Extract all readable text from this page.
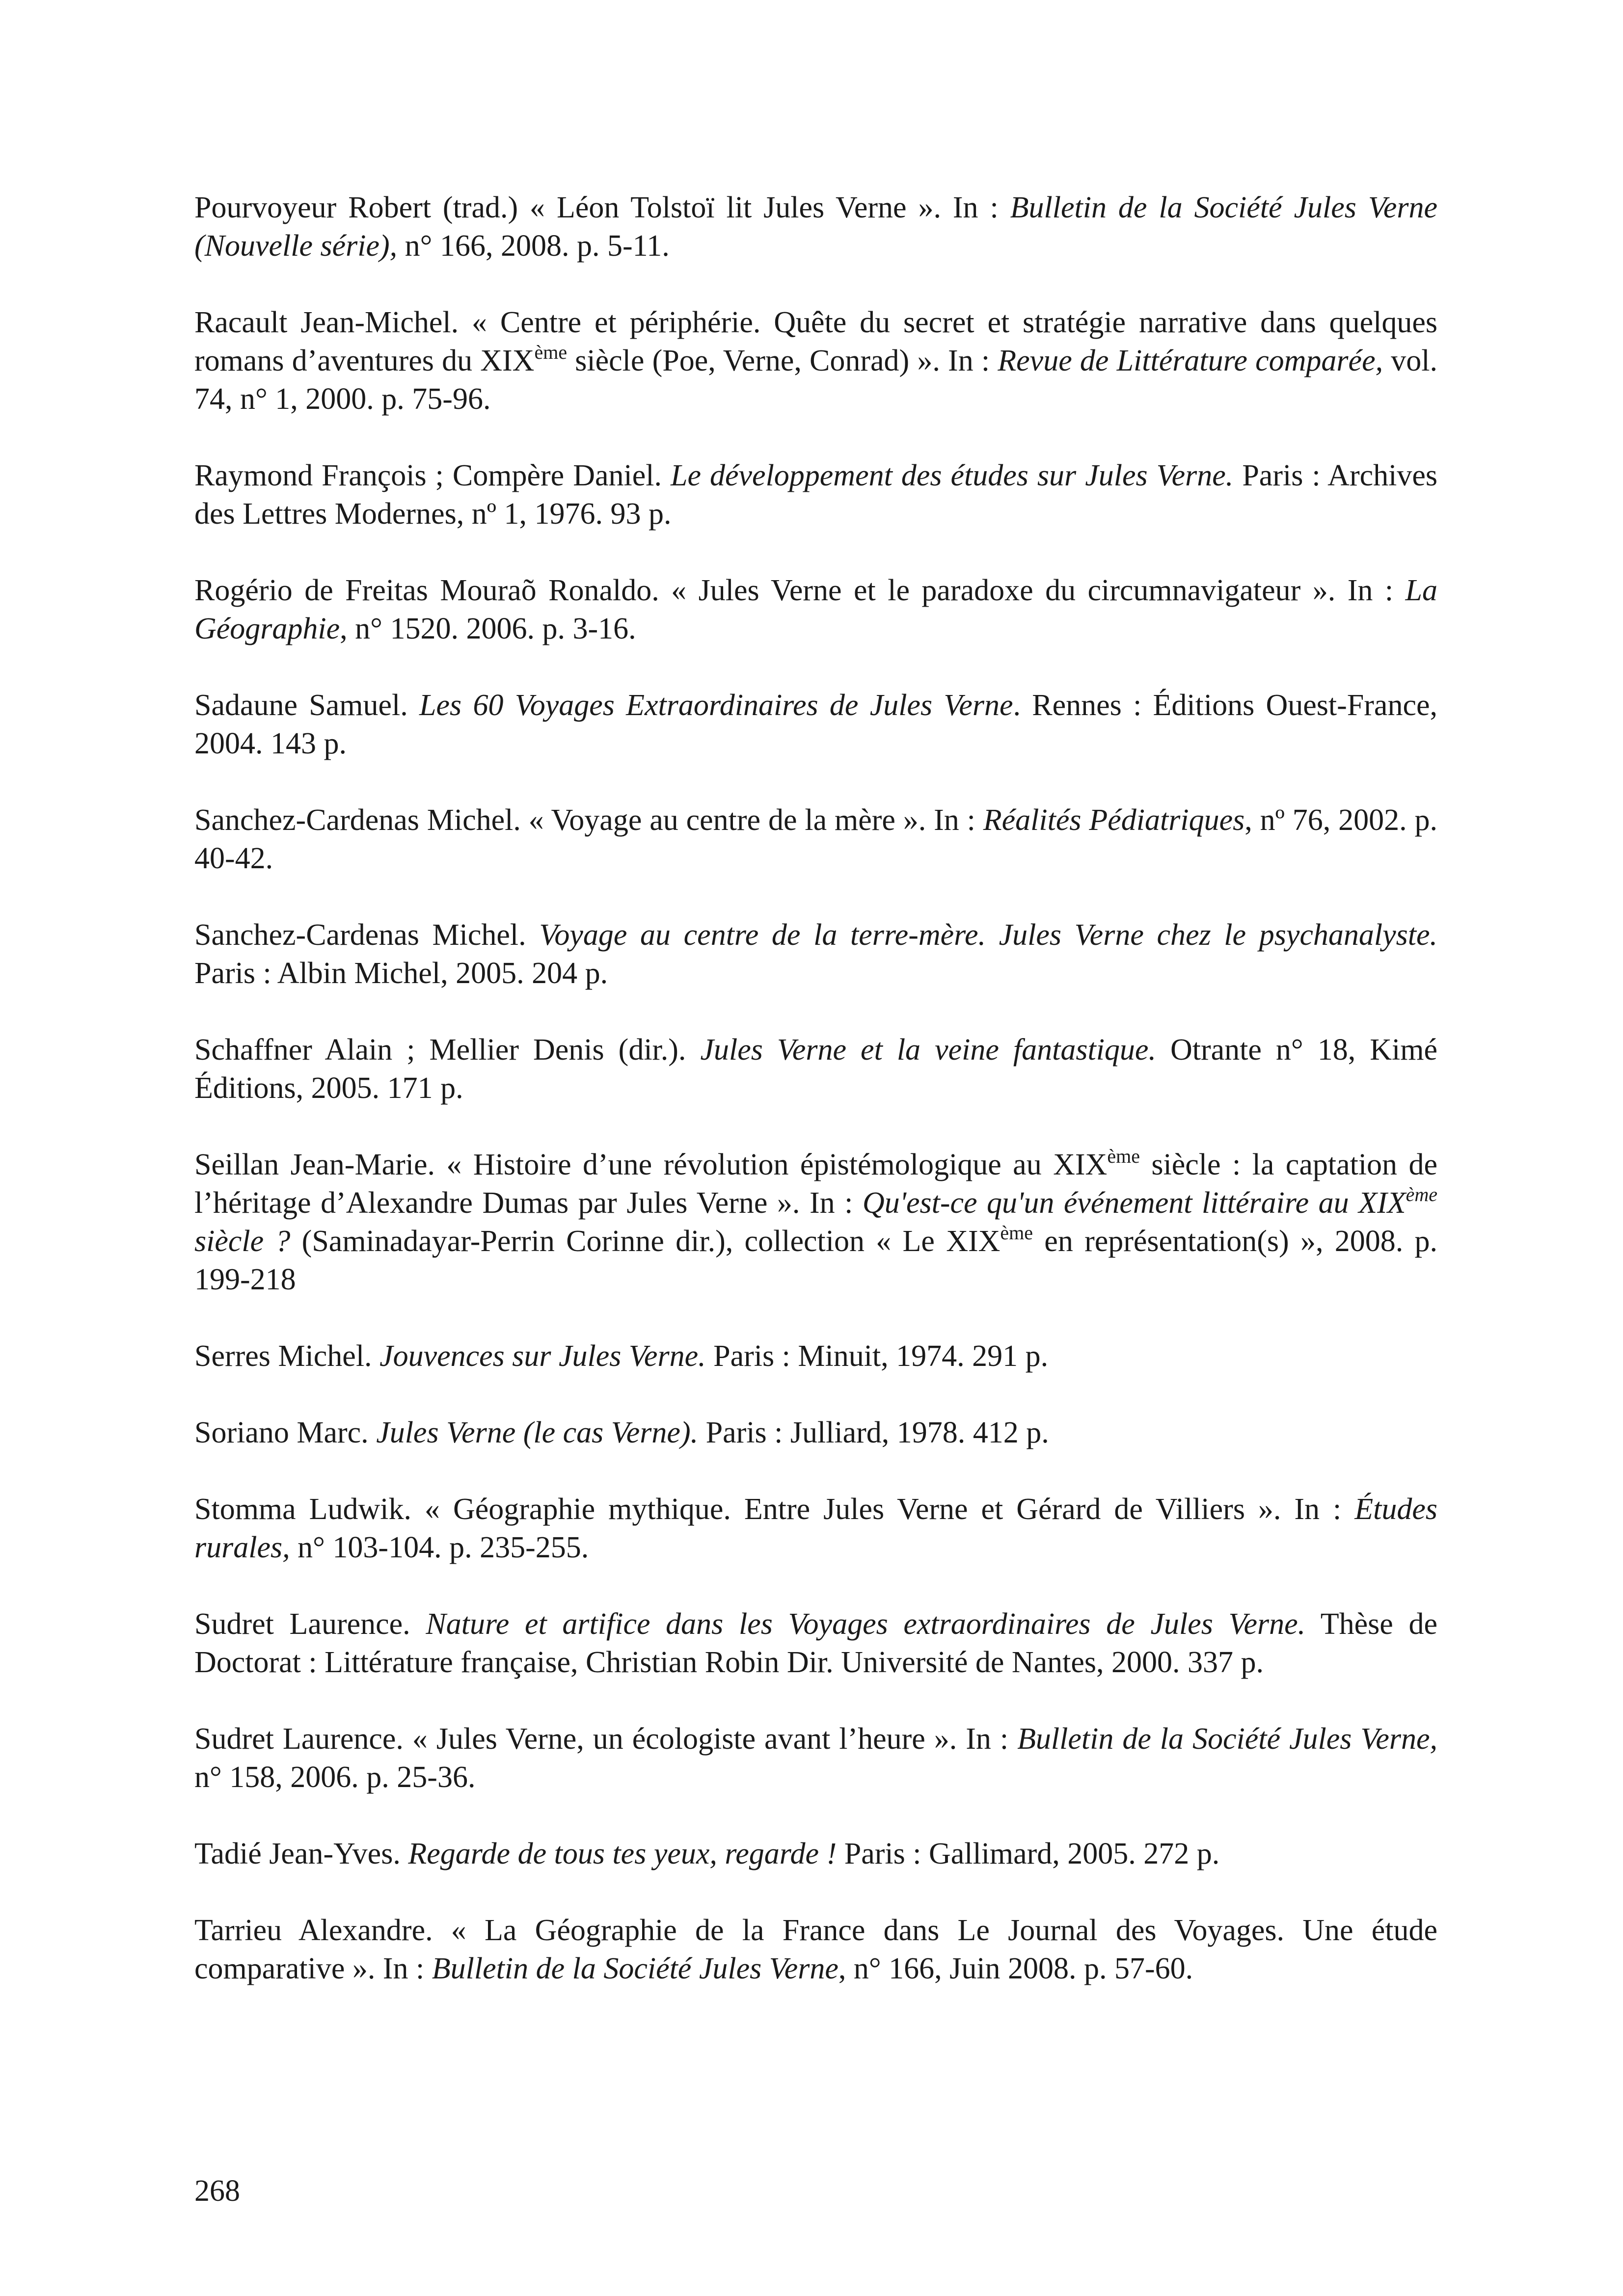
Pourvoyeur Robert (trad.) « Léon Tolstoï lit Jules Verne ». In : Bulletin de la Société Jules Verne (Nouvelle série), n° 166, 2008. p. 5-11.

Racault Jean-Michel. « Centre et périphérie. Quête du secret et stratégie narrative dans quelques romans d’aventures du XIXème siècle (Poe, Verne, Conrad) ». In : Revue de Littérature comparée, vol. 74, n° 1, 2000. p. 75-96.

Raymond François ; Compère Daniel. Le développement des études sur Jules Verne. Paris : Archives des Lettres Modernes, nº 1, 1976. 93 p.

Rogério de Freitas Mouraõ Ronaldo. « Jules Verne et le paradoxe du circumnavigateur ». In : La Géographie, n° 1520. 2006. p. 3-16.

Sadaune Samuel. Les 60 Voyages Extraordinaires de Jules Verne. Rennes : Éditions Ouest-France, 2004. 143 p.

Sanchez-Cardenas Michel. « Voyage au centre de la mère ». In : Réalités Pédiatriques, nº 76, 2002. p. 40-42.

Sanchez-Cardenas Michel. Voyage au centre de la terre-mère. Jules Verne chez le psychanalyste. Paris : Albin Michel, 2005. 204 p.

Schaffner Alain ; Mellier Denis (dir.). Jules Verne et la veine fantastique. Otrante n° 18, Kimé Éditions, 2005. 171 p.

Seillan Jean-Marie. « Histoire d’une révolution épistémologique au XIXème siècle : la captation de l’héritage d’Alexandre Dumas par Jules Verne ». In : Qu'est-ce qu'un événement littéraire au XIXème siècle ? (Saminadayar-Perrin Corinne dir.), collection « Le XIXème en représentation(s) », 2008. p. 199-218

Serres Michel. Jouvences sur Jules Verne. Paris : Minuit, 1974. 291 p.

Soriano Marc. Jules Verne (le cas Verne). Paris : Julliard, 1978. 412 p.

Stomma Ludwik. « Géographie mythique. Entre Jules Verne et Gérard de Villiers ». In : Études rurales, n° 103-104. p. 235-255.

Sudret Laurence. Nature et artifice dans les Voyages extraordinaires de Jules Verne. Thèse de Doctorat : Littérature française, Christian Robin Dir. Université de Nantes, 2000. 337 p.

Sudret Laurence. « Jules Verne, un écologiste avant l’heure ». In : Bulletin de la Société Jules Verne, n° 158, 2006. p. 25-36.

Tadié Jean-Yves. Regarde de tous tes yeux, regarde ! Paris : Gallimard, 2005. 272 p.

Tarrieu Alexandre. « La Géographie de la France dans Le Journal des Voyages. Une étude comparative ». In : Bulletin de la Société Jules Verne, n° 166, Juin 2008. p. 57-60.

268
